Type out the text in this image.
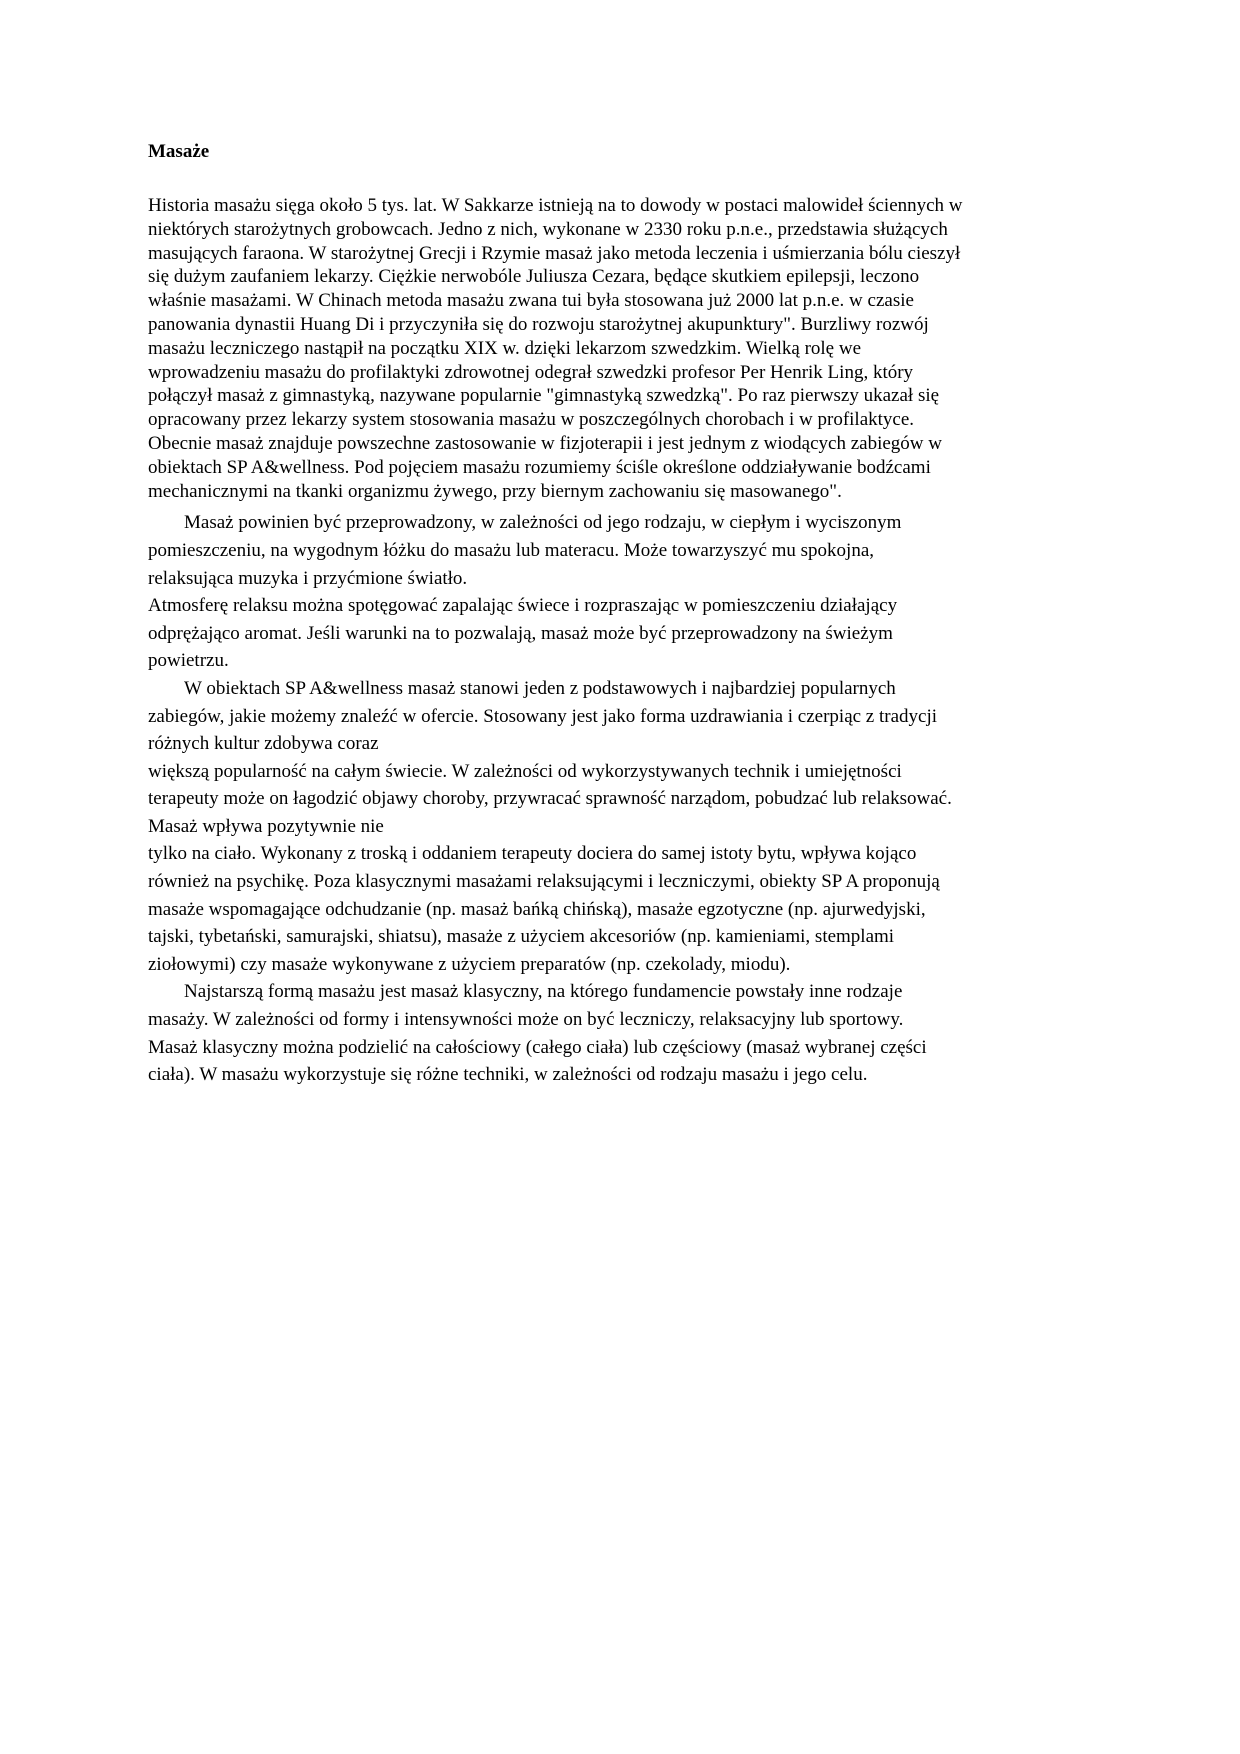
Masaże

Historia masażu sięga około 5 tys. lat. W Sakkarze istnieją na to dowody w postaci malowideł ściennych w
niektórych starożytnych grobowcach. Jedno z nich, wykonane w 2330 roku p.n.e., przedstawia służących
masujących faraona. W starożytnej Grecji i Rzymie masaż jako metoda leczenia i uśmierzania bólu cieszył
się dużym zaufaniem lekarzy. Ciężkie nerwobóle Juliusza Cezara, będące skutkiem epilepsji, leczono
właśnie masażami. W Chinach metoda masażu zwana tui była stosowana już 2000 lat p.n.e. w czasie
panowania dynastii Huang Di i przyczyniła się do rozwoju starożytnej akupunktury". Burzliwy rozwój
masażu leczniczego nastąpił na początku XIX w. dzięki lekarzom szwedzkim. Wielką rolę we
wprowadzeniu masażu do profilaktyki zdrowotnej odegrał szwedzki profesor Per Henrik Ling, który
połączył masaż z gimnastyką, nazywane popularnie "gimnastyką szwedzką". Po raz pierwszy ukazał się
opracowany przez lekarzy system stosowania masażu w poszczególnych chorobach i w profilaktyce.
Obecnie masaż znajduje powszechne zastosowanie w fizjoterapii i jest jednym z wiodących zabiegów w
obiektach SP A&wellness. Pod pojęciem masażu rozumiemy ściśle określone oddziaływanie bodźcami
mechanicznymi na tkanki organizmu żywego, przy biernym zachowaniu się masowanego".

Masaż powinien być przeprowadzony, w zależności od jego rodzaju, w ciepłym i wyciszonym
pomieszczeniu, na wygodnym łóżku do masażu lub materacu. Może towarzyszyć mu spokojna,
relaksująca muzyka i przyćmione światło.

Atmosferę relaksu można spotęgować zapalając świece i rozpraszając w pomieszczeniu działający
odprężająco aromat. Jeśli warunki na to pozwalają, masaż może być przeprowadzony na świeżym
powietrzu.

W obiektach SP A&wellness masaż stanowi jeden z podstawowych i najbardziej popularnych
zabiegów, jakie możemy znaleźć w ofercie. Stosowany jest jako forma uzdrawiania i czerpiąc z tradycji
różnych kultur zdobywa coraz

większą popularność na całym świecie. W zależności od wykorzystywanych technik i umiejętności
terapeuty może on łagodzić objawy choroby, przywracać sprawność narządom, pobudzać lub relaksować.
Masaż wpływa pozytywnie nie

tylko na ciało. Wykonany z troską i oddaniem terapeuty dociera do samej istoty bytu, wpływa kojąco
również na psychikę. Poza klasycznymi masażami relaksującymi i leczniczymi, obiekty SP A proponują
masaże wspomagające odchudzanie (np. masaż bańką chińską), masaże egzotyczne (np. ajurwedyjski,
tajski, tybetański, samurajski, shiatsu), masaże z użyciem akcesoriów (np. kamieniami, stemplami
ziołowymi) czy masaże wykonywane z użyciem preparatów (np. czekolady, miodu).

Najstarszą formą masażu jest masaż klasyczny, na którego fundamencie powstały inne rodzaje
masaży. W zależności od formy i intensywności może on być leczniczy, relaksacyjny lub sportowy.
Masaż klasyczny można podzielić na całościowy (całego ciała) lub częściowy (masaż wybranej części
ciała). W masażu wykorzystuje się różne techniki, w zależności od rodzaju masażu i jego celu.
